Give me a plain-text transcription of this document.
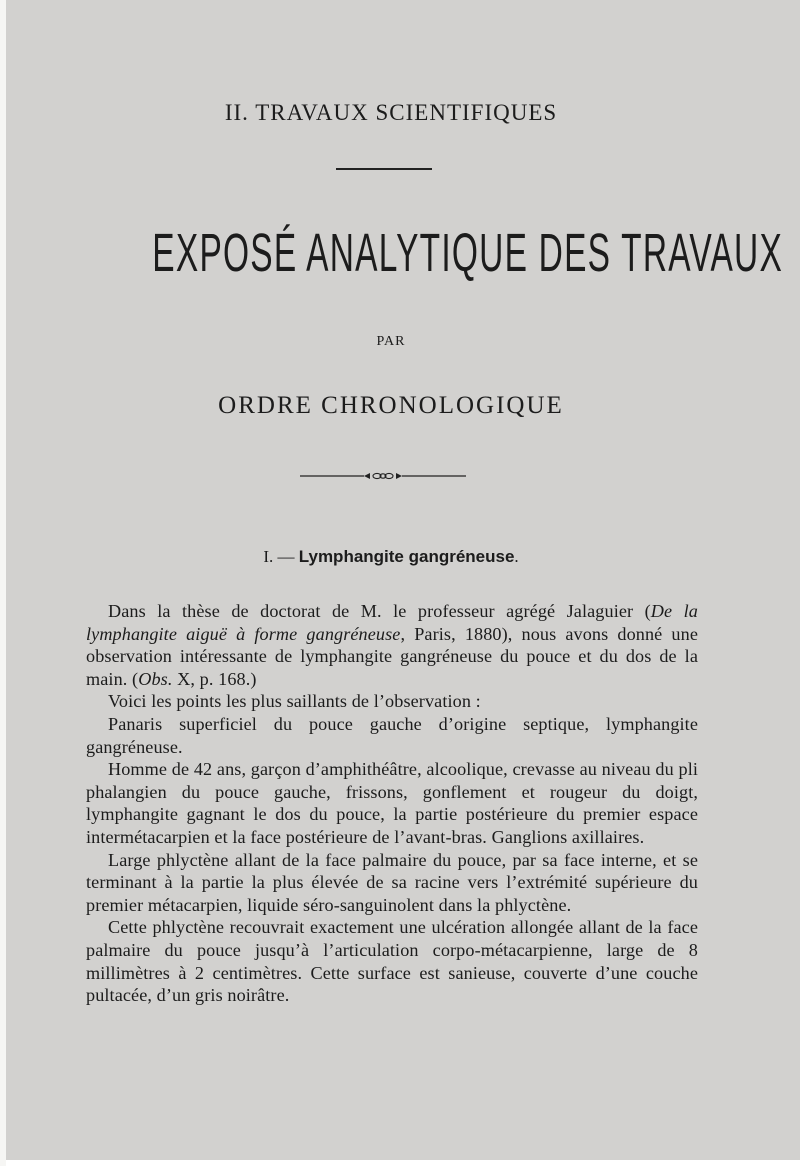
II. TRAVAUX SCIENTIFIQUES
EXPOSÉ ANALYTIQUE DES TRAVAUX
PAR
ORDRE CHRONOLOGIQUE
I. — Lymphangite gangréneuse.

Dans la thèse de doctorat de M. le professeur agrégé Jalaguier (De la lymphangite aiguë à forme gangréneuse, Paris, 1880), nous avons donné une observation intéressante de lymphangite gangréneuse du pouce et du dos de la main. (Obs. X, p. 168.)

Voici les points les plus saillants de l’observation :

Panaris superficiel du pouce gauche d’origine septique, lymphangite gangréneuse.

Homme de 42 ans, garçon d’amphithéâtre, alcoolique, crevasse au niveau du pli phalangien du pouce gauche, frissons, gonflement et rougeur du doigt, lymphangite gagnant le dos du pouce, la partie postérieure du premier espace intermétacarpien et la face postérieure de l’avant-bras. Ganglions axillaires.

Large phlyctène allant de la face palmaire du pouce, par sa face interne, et se terminant à la partie la plus élevée de sa racine vers l’extrémité supérieure du premier métacarpien, liquide séro-sanguinolent dans la phlyctène.

Cette phlyctène recouvrait exactement une ulcération allongée allant de la face palmaire du pouce jusqu’à l’articulation corpo-métacarpienne, large de 8 millimètres à 2 centimètres. Cette surface est sanieuse, couverte d’une couche pultacée, d’un gris noirâtre.
